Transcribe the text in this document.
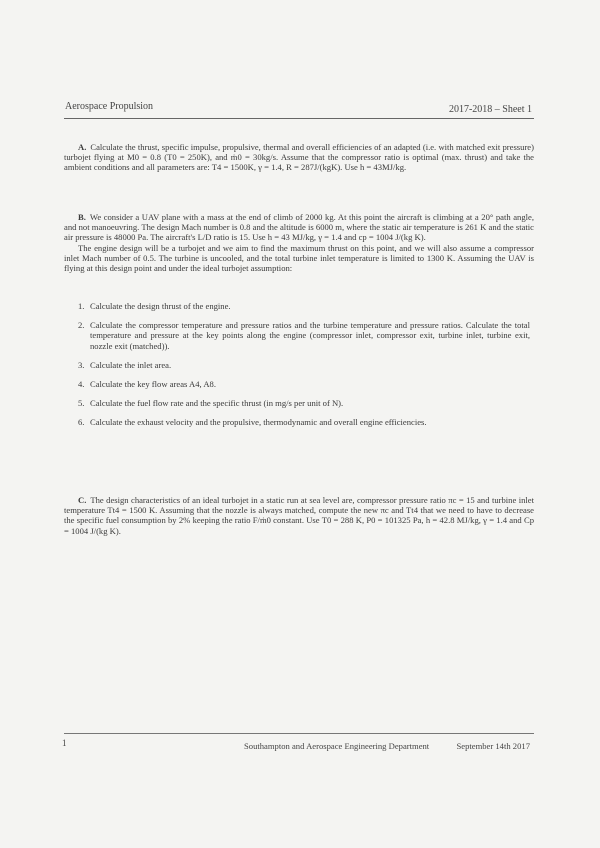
Aerospace Propulsion	2017-2018 – Sheet 1

A. Calculate the thrust, specific impulse, propulsive, thermal and overall efficiencies of an adapted (i.e. with matched exit pressure) turbojet flying at M0 = 0.8 (T0 = 250K), and ṁ0 = 30kg/s. Assume that the compressor ratio is optimal (max. thrust) and take the ambient conditions and all parameters are: T4 = 1500K, γ = 1.4, R = 287J/(kgK). Use h = 43MJ/kg.

B. We consider a UAV plane with a mass at the end of climb of 2000 kg. At this point the aircraft is climbing at a 20° path angle, and not manoeuvring. The design Mach number is 0.8 and the altitude is 6000 m, where the static air temperature is 261 K and the static air pressure is 48000 Pa. The aircraft's L/D ratio is 15. Use h = 43 MJ/kg, γ = 1.4 and cp = 1004 J/(kg K).

The engine design will be a turbojet and we aim to find the maximum thrust on this point, and we will also assume a compressor inlet Mach number of 0.5. The turbine is uncooled, and the total turbine inlet temperature is limited to 1300 K. Assuming the UAV is flying at this design point and under the ideal turbojet assumption:

1. Calculate the design thrust of the engine.
2. Calculate the compressor temperature and pressure ratios and the turbine temperature and pressure ratios. Calculate the total temperature and pressure at the key points along the engine (compressor inlet, compressor exit, turbine inlet, turbine exit, nozzle exit (matched)).
3. Calculate the inlet area.
4. Calculate the key flow areas A4, A8.
5. Calculate the fuel flow rate and the specific thrust (in mg/s per unit of N).
6. Calculate the exhaust velocity and the propulsive, thermodynamic and overall engine efficiencies.

C. The design characteristics of an ideal turbojet in a static run at sea level are, compressor pressure ratio πc = 15 and turbine inlet temperature Tt4 = 1500 K. Assuming that the nozzle is always matched, compute the new πc and Tt4 that we need to have to decrease the specific fuel consumption by 2% keeping the ratio F/ṁ0 constant. Use T0 = 288 K, P0 = 101325 Pa, h = 42.8 MJ/kg, γ = 1.4 and Cp = 1004 J/(kg K).

1	Southampton and Aerospace Engineering Department	September 14th 2017
